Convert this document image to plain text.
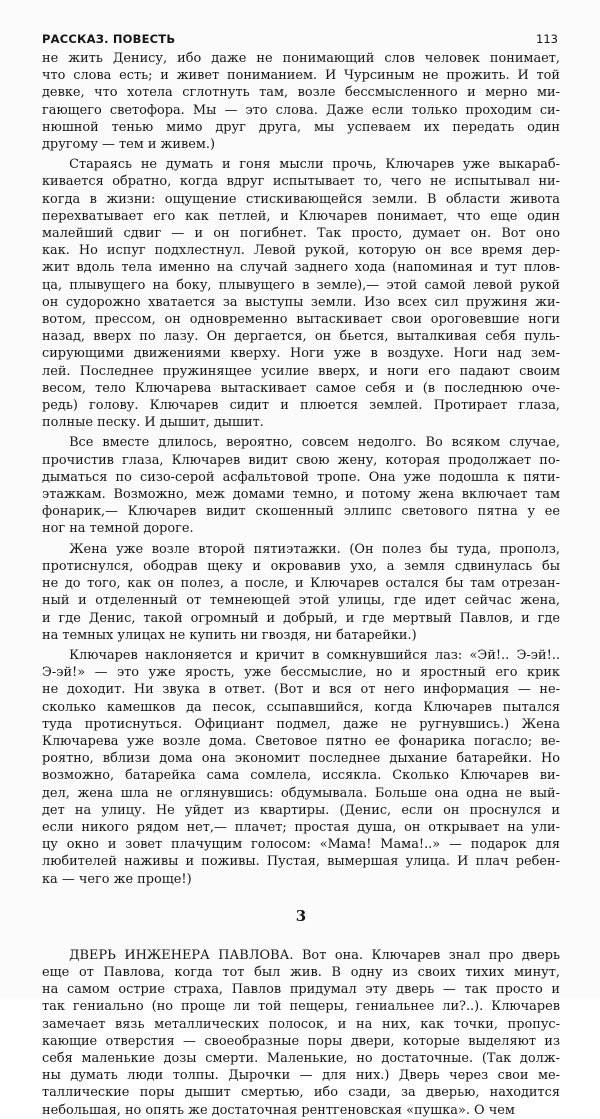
РАССКАЗ. ПОВЕСТЬ	113

не жить Денису, ибо даже не понимающий слов человек понимает,

что слова есть; и живет пониманием. И Чурсиным не прожить. И той

девке, что хотела сглотнуть там, возле бессмысленного и мерно ми-

гающего светофора. Мы — это слова. Даже если только проходим си-

нюшной тенью мимо друг друга, мы успеваем их передать один

другому — тем и живем.)

Стараясь не думать и гоня мысли прочь, Ключарев уже выкараб-

кивается обратно, когда вдруг испытывает то, чего не испытывал ни-

когда в жизни: ощущение стискивающейся земли. В области живота

перехватывает его как петлей, и Ключарев понимает, что еще один

малейший сдвиг — и он погибнет. Так просто, думает он. Вот оно

как. Но испуг подхлестнул. Левой рукой, которую он все время дер-

жит вдоль тела именно на случай заднего хода (напоминая и тут плов-

ца, плывущего на боку, плывущего в земле),— этой самой левой рукой

он судорожно хватается за выступы земли. Изо всех сил пружиня жи-

вотом, прессом, он одновременно вытаскивает свои ороговевшие ноги

назад, вверх по лазу. Он дергается, он бьется, выталкивая себя пуль-

сирующими движениями кверху. Ноги уже в воздухе. Ноги над зем-

лей. Последнее пружинящее усилие вверх, и ноги его падают своим

весом, тело Ключарева вытаскивает самое себя и (в последнюю оче-

редь) голову. Ключарев сидит и плюется землей. Протирает глаза,

полные песку. И дышит, дышит.

Все вместе длилось, вероятно, совсем недолго. Во всяком случае,

прочистив глаза, Ключарев видит свою жену, которая продолжает по-

дыматься по сизо-серой асфальтовой тропе. Она уже подошла к пяти-

этажкам. Возможно, меж домами темно, и потому жена включает там

фонарик,— Ключарев видит скошенный эллипс светового пятна у ее

ног на темной дороге.

Жена уже возле второй пятиэтажки. (Он полез бы туда, прополз,

протиснулся, ободрав щеку и окровавив ухо, а земля сдвинулась бы

не до того, как он полез, а после, и Ключарев остался бы там отрезан-

ный и отделенный от темнеющей этой улицы, где идет сейчас жена,

и где Денис, такой огромный и добрый, и где мертвый Павлов, и где

на темных улицах не купить ни гвоздя, ни батарейки.)

Ключарев наклоняется и кричит в сомкнувшийся лаз: «Эй!.. Э-эй!..

Э-эй!» — это уже ярость, уже бессмыслие, но и яростный его крик

не доходит. Ни звука в ответ. (Вот и вся от него информация — не-

сколько камешков да песок, ссыпавшийся, когда Ключарев пытался

туда протиснуться. Официант подмел, даже не ругнувшись.) Жена

Ключарева уже возле дома. Световое пятно ее фонарика погасло; ве-

роятно, вблизи дома она экономит последнее дыхание батарейки. Но

возможно, батарейка сама сомлела, иссякла. Сколько Ключарев ви-

дел, жена шла не оглянувшись: обдумывала. Больше она одна не вый-

дет на улицу. Не уйдет из квартиры. (Денис, если он проснулся и

если никого рядом нет,— плачет; простая душа, он открывает на ули-

цу окно и зовет плачущим голосом: «Мама! Мама!..» — подарок для

любителей наживы и поживы. Пустая, вымершая улица. И плач ребен-

ка — чего же проще!)

3

ДВЕРЬ ИНЖЕНЕРА ПАВЛОВА. Вот она. Ключарев знал про дверь

еще от Павлова, когда тот был жив. В одну из своих тихих минут,

на самом острие страха, Павлов придумал эту дверь — так просто и

так гениально (но проще ли той пещеры, гениальнее ли?..). Ключарев

замечает вязь металлических полосок, и на них, как точки, пропус-

кающие отверстия — своеобразные поры двери, которые выделяют из

себя маленькие дозы смерти. Маленькие, но достаточные. (Так долж-

ны думать люди толпы. Дырочки — для них.) Дверь через свои ме-

таллические поры дышит смертью, ибо сзади, за дверью, находится

небольшая, но опять же достаточная рентгеновская «пушка». О чем
